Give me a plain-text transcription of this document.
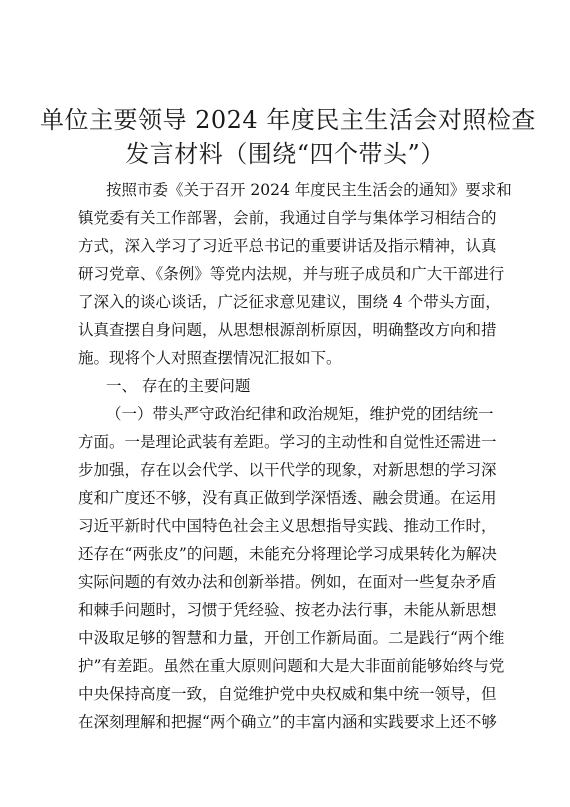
单位主要领导 2024 年度民主生活会对照检查
发言材料（围绕“四个带头”）
按照市委《关于召开 2024 年度民主生活会的通知》要求和
镇党委有关工作部署，会前，我通过自学与集体学习相结合的
方式，深入学习了习近平总书记的重要讲话及指示精神，认真
研习党章、《条例》等党内法规，并与班子成员和广大干部进行
了深入的谈心谈话，广泛征求意见建议，围绕 4 个带头方面，
认真查摆自身问题，从思想根源剖析原因，明确整改方向和措
施。现将个人对照查摆情况汇报如下。
一、 存在的主要问题
（一）带头严守政治纪律和政治规矩，维护党的团结统一
方面。一是理论武装有差距。学习的主动性和自觉性还需进一
步加强，存在以会代学、以干代学的现象，对新思想的学习深
度和广度还不够，没有真正做到学深悟透、融会贯通。在运用
习近平新时代中国特色社会主义思想指导实践、推动工作时，
还存在“两张皮”的问题，未能充分将理论学习成果转化为解决
实际问题的有效办法和创新举措。例如，在面对一些复杂矛盾
和棘手问题时，习惯于凭经验、按老办法行事，未能从新思想
中汲取足够的智慧和力量，开创工作新局面。二是践行“两个维
护”有差距。虽然在重大原则问题和大是大非面前能够始终与党
中央保持高度一致，自觉维护党中央权威和集中统一领导，但
在深刻理解和把握“两个确立”的丰富内涵和实践要求上还不够
